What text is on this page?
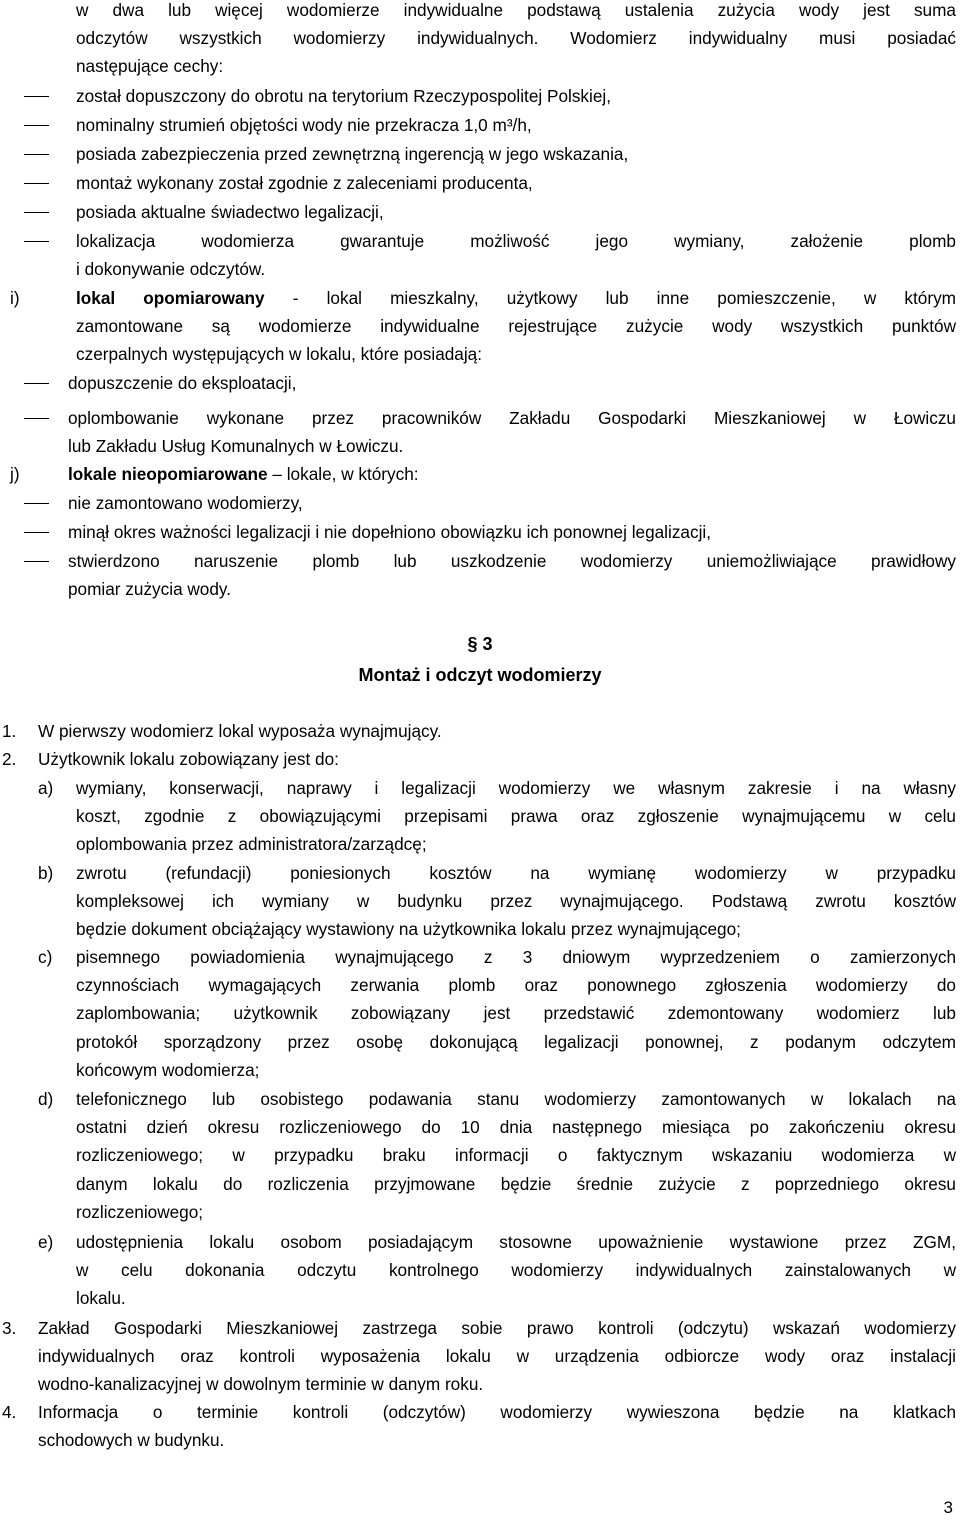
w dwa lub więcej wodomierze indywidualne podstawą ustalenia zużycia wody jest suma
odczytów wszystkich wodomierzy indywidualnych. Wodomierz indywidualny musi posiadać
następujące cechy:
został dopuszczony do obrotu na terytorium Rzeczypospolitej Polskiej,
nominalny strumień objętości wody nie przekracza 1,0 m³/h,
posiada zabezpieczenia przed zewnętrzną ingerencją w jego wskazania,
montaż wykonany został zgodnie z zaleceniami producenta,
posiada aktualne świadectwo legalizacji,
lokalizacja wodomierza gwarantuje możliwość jego wymiany, założenie plomb
i dokonywanie odczytów.
i)	lokal opomiarowany - lokal mieszkalny, użytkowy lub inne pomieszczenie, w którym
zamontowane są wodomierze indywidualne rejestrujące zużycie wody wszystkich punktów
czerpalnych występujących w lokalu, które posiadają:
dopuszczenie do eksploatacji,
oplombowanie wykonane przez pracowników Zakładu Gospodarki Mieszkaniowej w Łowiczu
lub Zakładu Usług Komunalnych w Łowiczu.
j)	lokale nieopomiarowane – lokale, w których:
nie zamontowano wodomierzy,
minął okres ważności legalizacji i nie dopełniono obowiązku ich ponownej legalizacji,
stwierdzono naruszenie plomb lub uszkodzenie wodomierzy uniemożliwiające prawidłowy
pomiar zużycia wody.
§ 3
Montaż i odczyt wodomierzy
1. W pierwszy wodomierz lokal wyposaża wynajmujący.
2. Użytkownik lokalu zobowiązany jest do:
a) wymiany, konserwacji, naprawy i legalizacji wodomierzy we własnym zakresie i na własny
koszt, zgodnie z obowiązującymi przepisami prawa oraz zgłoszenie wynajmującemu w celu
oplombowania przez administratora/zarządcę;
b) zwrotu (refundacji) poniesionych kosztów na wymianę wodomierzy w przypadku
kompleksowej ich wymiany w budynku przez wynajmującego. Podstawą zwrotu kosztów
będzie dokument obciążający wystawiony na użytkownika lokalu przez wynajmującego;
c) pisemnego powiadomienia wynajmującego z 3 dniowym wyprzedzeniem o zamierzonych
czynnościach wymagających zerwania plomb oraz ponownego zgłoszenia wodomierzy do
zaplombowania; użytkownik zobowiązany jest przedstawić zdemontowany wodomierz lub
protokół sporządzony przez osobę dokonującą legalizacji ponownej, z podanym odczytem
końcowym wodomierza;
d) telefonicznego lub osobistego podawania stanu wodomierzy zamontowanych w lokalach na
ostatni dzień okresu rozliczeniowego do 10 dnia następnego miesiąca po zakończeniu okresu
rozliczeniowego; w przypadku braku informacji o faktycznym wskazaniu wodomierza w
danym lokalu do rozliczenia przyjmowane będzie średnie zużycie z poprzedniego okresu
rozliczeniowego;
e) udostępnienia lokalu osobom posiadającym stosowne upoważnienie wystawione przez ZGM,
w celu dokonania odczytu kontrolnego wodomierzy indywidualnych zainstalowanych w
lokalu.
3. Zakład Gospodarki Mieszkaniowej zastrzega sobie prawo kontroli (odczytu) wskazań wodomierzy
indywidualnych oraz kontroli wyposażenia lokalu w urządzenia odbiorcze wody oraz instalacji
wodno-kanalizacyjnej w dowolnym terminie w danym roku.
4. Informacja o terminie kontroli (odczytów) wodomierzy wywieszona będzie na klatkach
schodowych w budynku.
3
